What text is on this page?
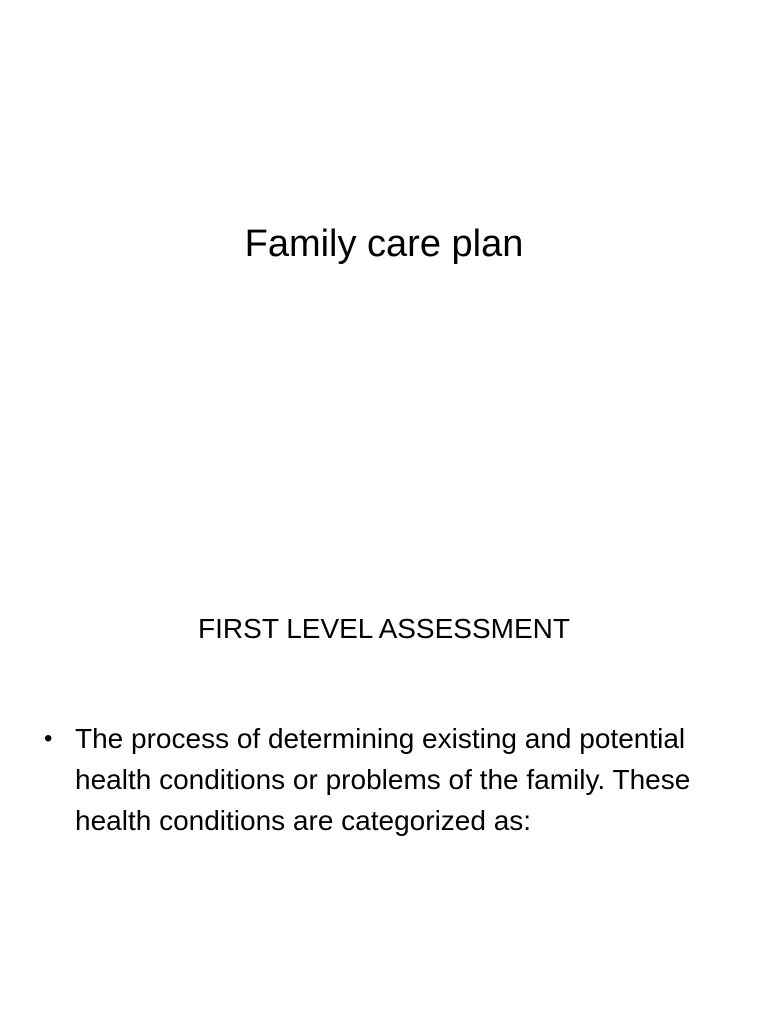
Family care plan
FIRST LEVEL ASSESSMENT
• The process of determining existing and potential health conditions or problems of the family. These health conditions are categorized as:
